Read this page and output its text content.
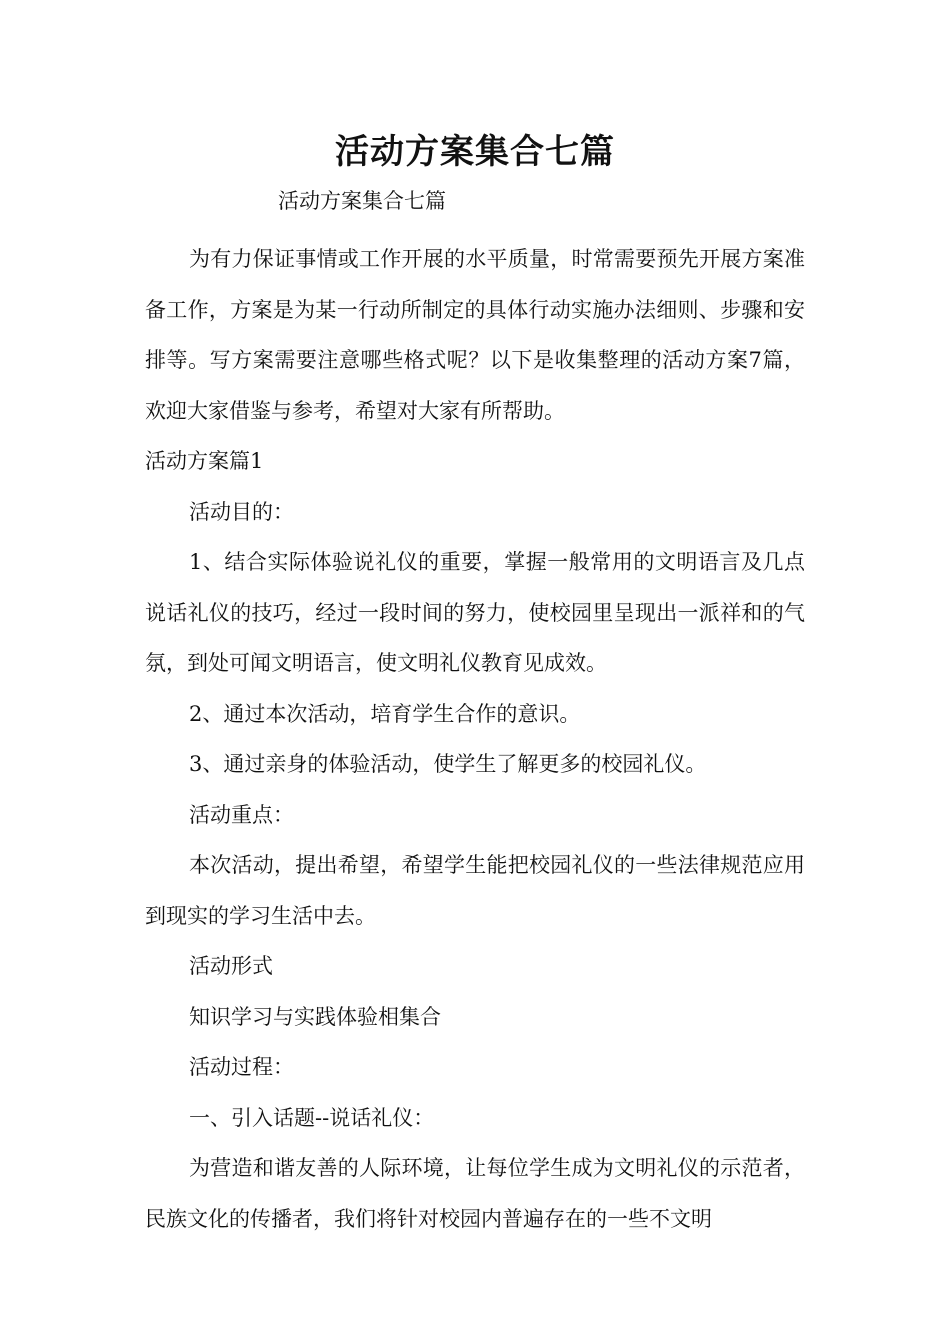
活动方案集合七篇
活动方案集合七篇

为有力保证事情或工作开展的水平质量，时常需要预先开展方案准备工作，方案是为某一行动所制定的具体行动实施办法细则、步骤和安排等。写方案需要注意哪些格式呢？以下是收集整理的活动方案7篇，欢迎大家借鉴与参考，希望对大家有所帮助。

活动方案篇1

活动目的：

1、结合实际体验说礼仪的重要，掌握一般常用的文明语言及几点说话礼仪的技巧，经过一段时间的努力，使校园里呈现出一派祥和的气氛，到处可闻文明语言，使文明礼仪教育见成效。

2、通过本次活动，培育学生合作的意识。

3、通过亲身的体验活动，使学生了解更多的校园礼仪。

活动重点：

本次活动，提出希望，希望学生能把校园礼仪的一些法律规范应用到现实的学习生活中去。

活动形式

知识学习与实践体验相集合

活动过程：

一、引入话题--说话礼仪：

为营造和谐友善的人际环境，让每位学生成为文明礼仪的示范者，民族文化的传播者，我们将针对校园内普遍存在的一些不文明
